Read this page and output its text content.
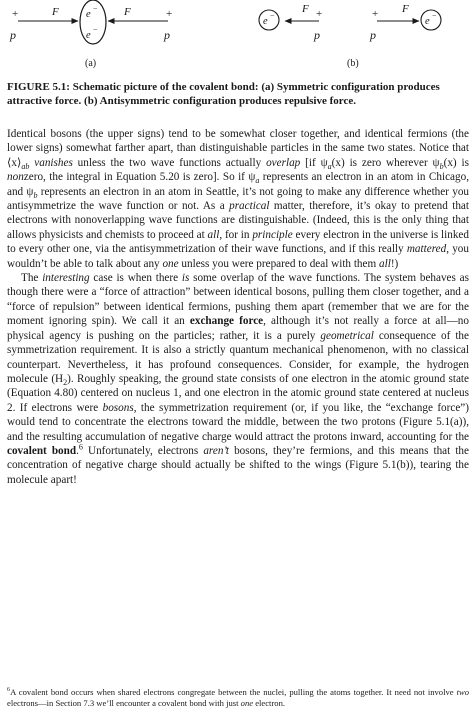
+
p
F	e
−
e
−
F	+
p
(a)
e
−	+
p
F	+
p
F
e
−
(b)

FIGURE 5.1: Schematic picture of the covalent bond: (a) Symmetric configuration produces attractive force. (b) Antisymmetric configuration produces repulsive force.

Identical bosons (the upper signs) tend to be somewhat closer together, and identical fermions (the lower signs) somewhat farther apart, than distinguishable particles in the same two states. Notice that $⟨x⟩_{ab}$ vanishes unless the two wave functions actually overlap [if $\psi_a(x)$ is zero wherever $\psi_b(x)$ is nonzero, the integral in Equation 5.20 is zero]. So if $\psi_a$ represents an electron in an atom in Chicago, and $\psi_b$ represents an electron in an atom in Seattle, it’s not going to make any difference whether you antisymmetrize the wave function or not. As a practical matter, therefore, it’s okay to pretend that electrons with nonoverlapping wave functions are distinguishable. (Indeed, this is the only thing that allows physicists and chemists to proceed at all, for in principle every electron in the universe is linked to every other one, via the antisymmetrization of their wave functions, and if this really mattered, you wouldn’t be able to talk about any one unless you were prepared to deal with them all!)

The interesting case is when there is some overlap of the wave functions. The system behaves as though there were a “force of attraction” between identical bosons, pulling them closer together, and a “force of repulsion” between identical fermions, pushing them apart (remember that we are for the moment ignoring spin). We call it an exchange force, although it’s not really a force at all—no physical agency is pushing on the particles; rather, it is a purely geometrical consequence of the symmetrization requirement. It is also a strictly quantum mechanical phenomenon, with no classical counterpart. Nevertheless, it has profound consequences. Consider, for example, the hydrogen molecule $(H_2)$. Roughly speaking, the ground state consists of one electron in the atomic ground state (Equation 4.80) centered on nucleus 1, and one electron in the atomic ground state centered at nucleus 2. If electrons were bosons, the symmetrization requirement (or, if you like, the “exchange force”) would tend to concentrate the electrons toward the middle, between the two protons (Figure 5.1(a)), and the resulting accumulation of negative charge would attract the protons inward, accounting for the covalent bond.$^6$ Unfortunately, electrons aren’t bosons, they’re fermions, and this means that the concentration of negative charge should actually be shifted to the wings (Figure 5.1(b)), tearing the molecule apart!

$^6$A covalent bond occurs when shared electrons congregate between the nuclei, pulling the atoms together. It need not involve two electrons—in Section 7.3 we’ll encounter a covalent bond with just one electron.
